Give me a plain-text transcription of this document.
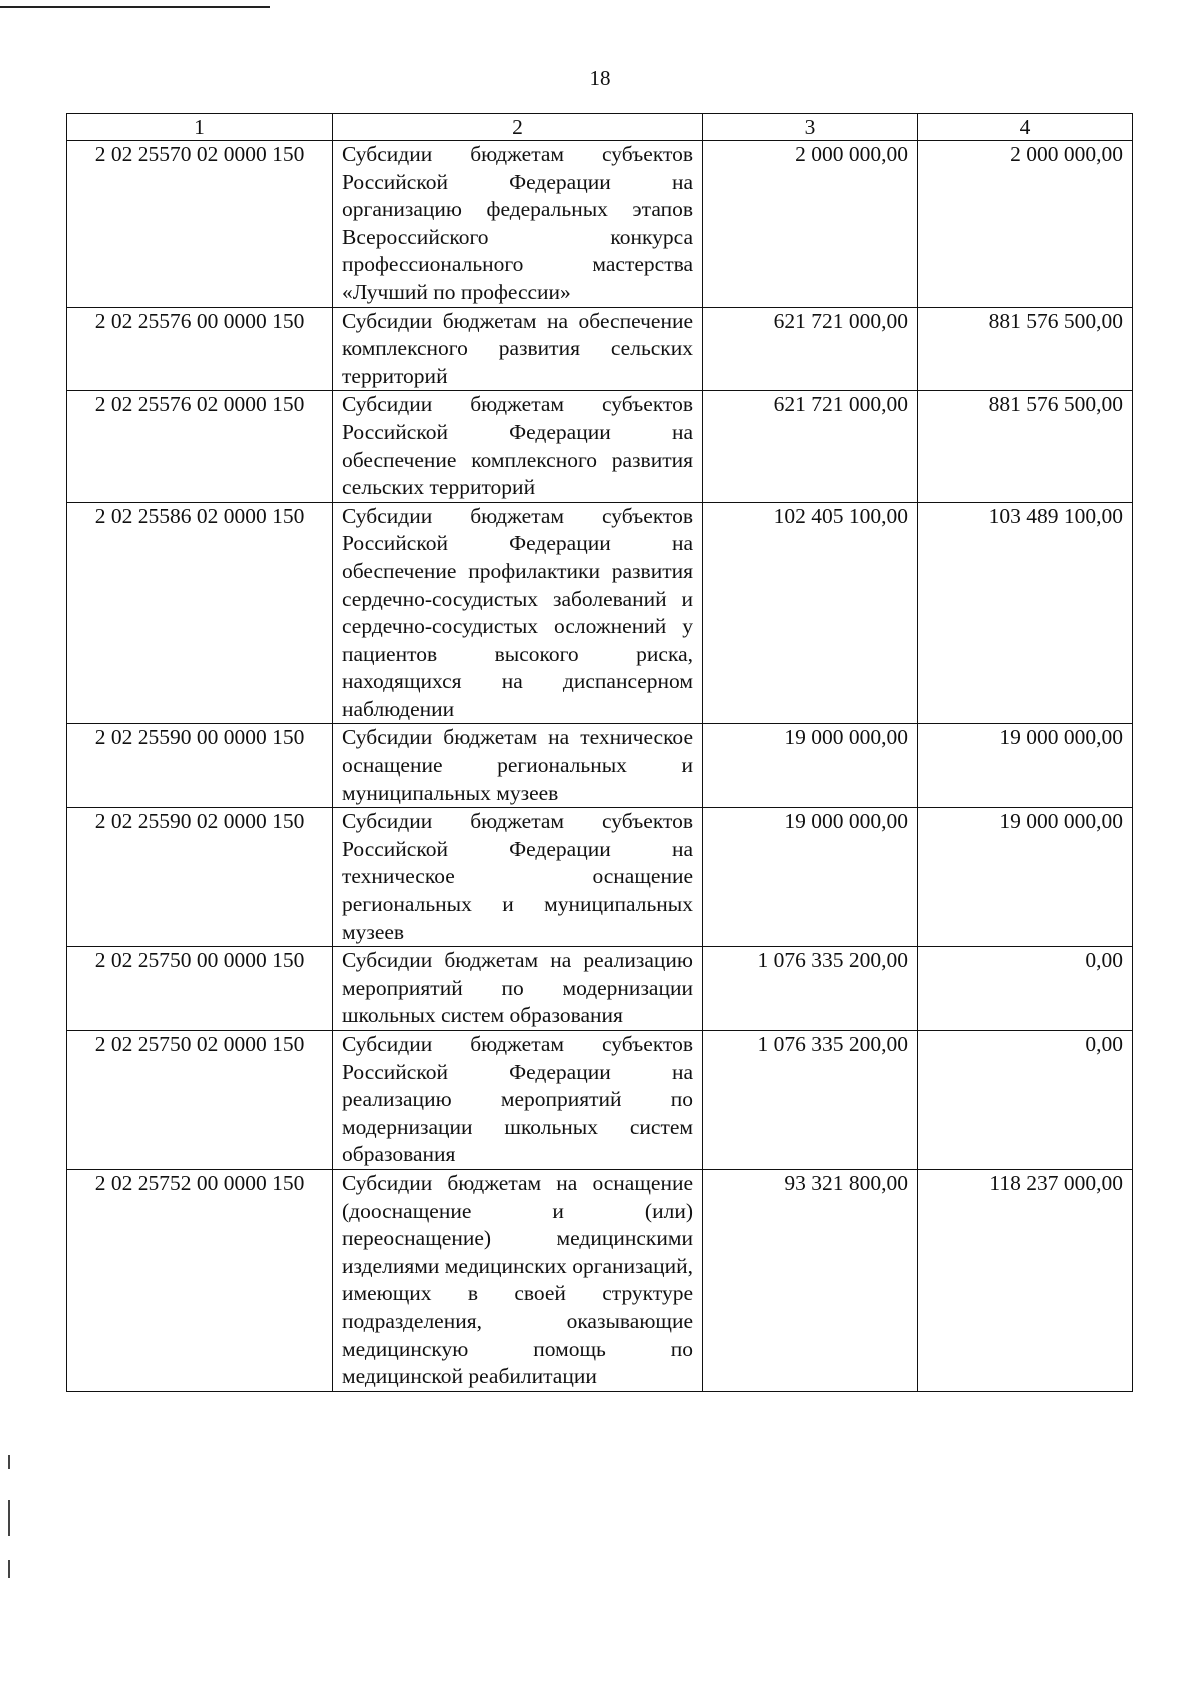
18
1	2	3	4
2 02 25570 02 0000 150	Субсидии бюджетам субъектов Российской Федерации на организацию федеральных этапов Всероссийского конкурса профессионального мастерства «Лучший по профессии»	2 000 000,00	2 000 000,00
2 02 25576 00 0000 150	Субсидии бюджетам на обеспечение комплексного развития сельских территорий	621 721 000,00	881 576 500,00
2 02 25576 02 0000 150	Субсидии бюджетам субъектов Российской Федерации на обеспечение комплексного развития сельских территорий	621 721 000,00	881 576 500,00
2 02 25586 02 0000 150	Субсидии бюджетам субъектов Российской Федерации на обеспечение профилактики развития сердечно-сосудистых заболеваний и сердечно-сосудистых осложнений у пациентов высокого риска, находящихся на диспансерном наблюдении	102 405 100,00	103 489 100,00
2 02 25590 00 0000 150	Субсидии бюджетам на техническое оснащение региональных и муниципальных музеев	19 000 000,00	19 000 000,00
2 02 25590 02 0000 150	Субсидии бюджетам субъектов Российской Федерации на техническое оснащение региональных и муниципальных музеев	19 000 000,00	19 000 000,00
2 02 25750 00 0000 150	Субсидии бюджетам на реализацию мероприятий по модернизации школьных систем образования	1 076 335 200,00	0,00
2 02 25750 02 0000 150	Субсидии бюджетам субъектов Российской Федерации на реализацию мероприятий по модернизации школьных систем образования	1 076 335 200,00	0,00
2 02 25752 00 0000 150	Субсидии бюджетам на оснащение (дооснащение и (или) переоснащение) медицинскими изделиями медицинских организаций, имеющих в своей структуре подразделения, оказывающие медицинскую помощь по медицинской реабилитации	93 321 800,00	118 237 000,00
